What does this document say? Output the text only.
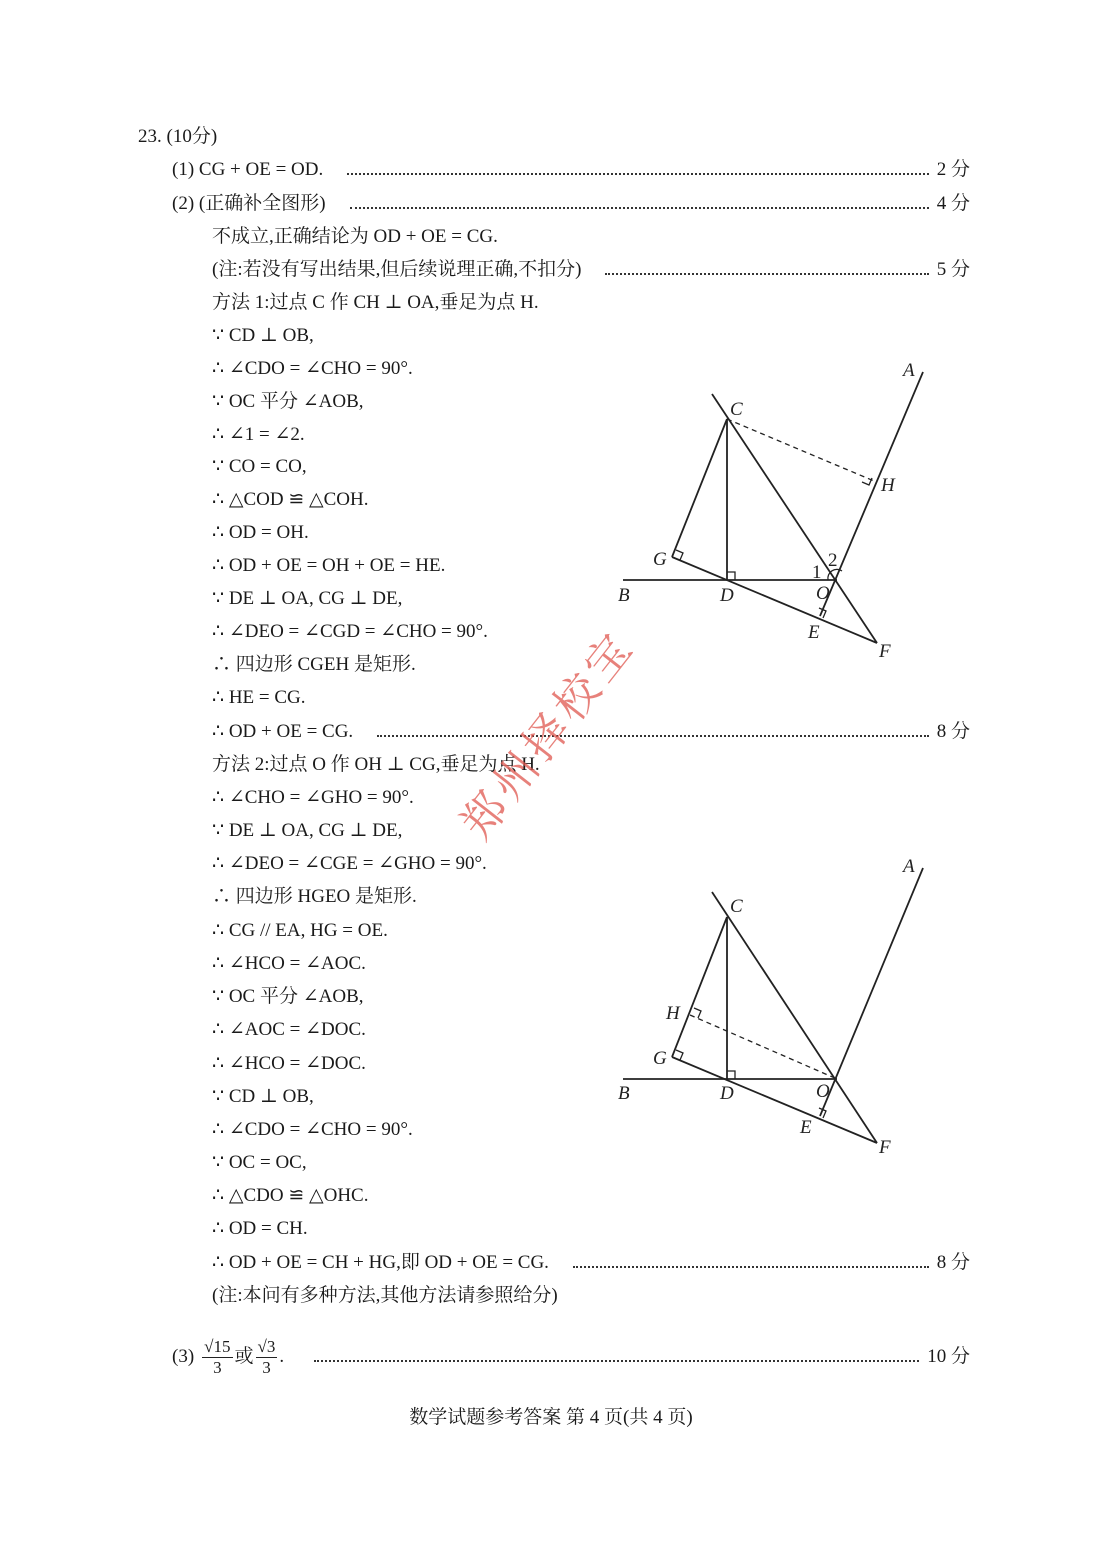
23. (10分)
(1) CG + OE = OD.	2 分
(2) (正确补全图形)	4 分
不成立,正确结论为 OD + OE = CG.
(注:若没有写出结果,但后续说理正确,不扣分)	5 分
方法 1:过点 C 作 CH ⊥ OA,垂足为点 H.
∵ CD ⊥ OB,
∴ ∠CDO = ∠CHO = 90°.
∵ OC 平分 ∠AOB,
∴ ∠1 = ∠2.
∵ CO = CO,
∴ △COD ≌ △COH.
∴ OD = OH.
∴ OD + OE = OH + OE = HE.
∵ DE ⊥ OA, CG ⊥ DE,
∴ ∠DEO = ∠CGD = ∠CHO = 90°.
∴ 四边形 CGEH 是矩形.
∴ HE = CG.
∴ OD + OE = CG.	8 分
方法 2:过点 O 作 OH ⊥ CG,垂足为点 H.
∴ ∠CHO = ∠GHO = 90°.
∵ DE ⊥ OA, CG ⊥ DE,
∴ ∠DEO = ∠CGE = ∠GHO = 90°.
∴ 四边形 HGEO 是矩形.
∴ CG // EA, HG = OE.
∴ ∠HCO = ∠AOC.
∵ OC 平分 ∠AOB,
∴ ∠AOC = ∠DOC.
∴ ∠HCO = ∠DOC.
∵ CD ⊥ OB,
∴ ∠CDO = ∠CHO = 90°.
∵ OC = OC,
∴ △CDO ≌ △OHC.
∴ OD = CH.
∴ OD + OE = CH + HG,即 OD + OE = CG.	8 分
(注:本问有多种方法,其他方法请参照给分)
$(3) \frac{√15}{3}$ 或 $\frac{√3}{3}$ .	10 分
A
C
H
G
1
2
B	D	O
E
F
A
C
H
G
B	D	O
E
F
郑州择校宝
数学试题参考答案 第 4 页(共 4 页)
